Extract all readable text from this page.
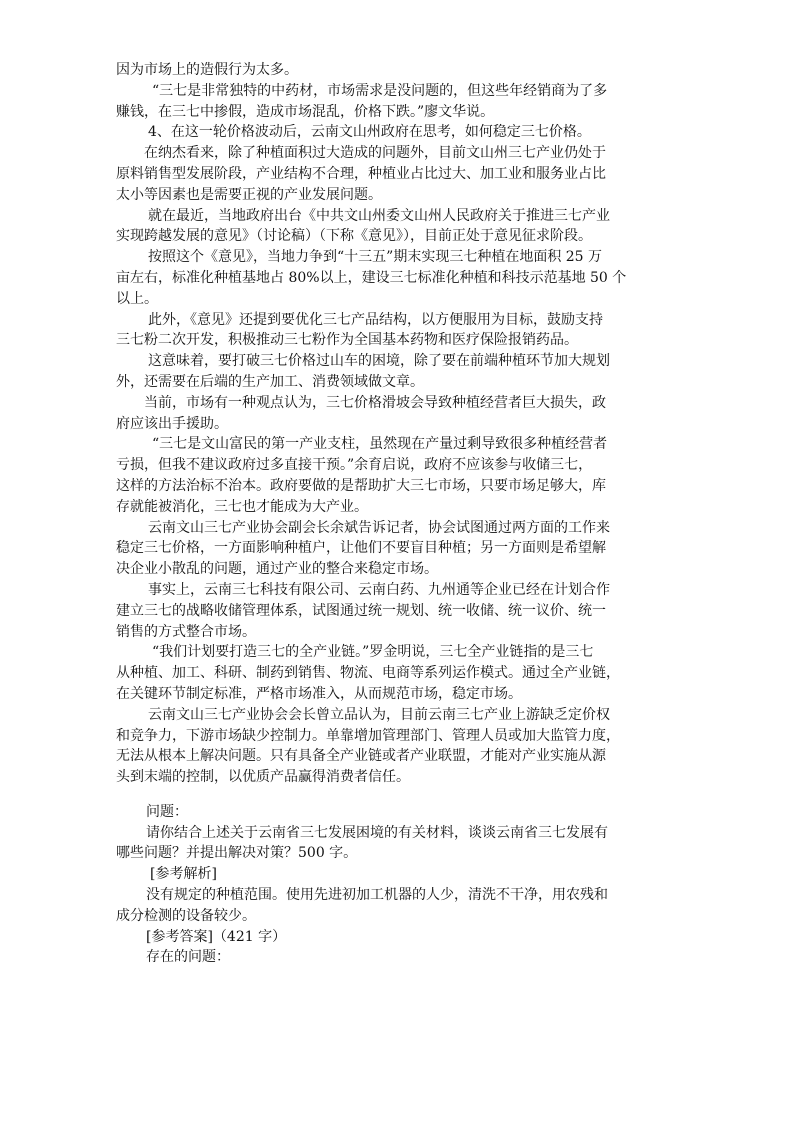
因为市场上的造假行为太多。
“三七是非常独特的中药材，市场需求是没问题的，但这些年经销商为了多
赚钱，在三七中掺假，造成市场混乱，价格下跌。”廖文华说。
4、在这一轮价格波动后，云南文山州政府在思考，如何稳定三七价格。
在纳杰看来，除了种植面积过大造成的问题外，目前文山州三七产业仍处于
原料销售型发展阶段，产业结构不合理，种植业占比过大、加工业和服务业占比
太小等因素也是需要正视的产业发展问题。
就在最近，当地政府出台《中共文山州委文山州人民政府关于推进三七产业
实现跨越发展的意见》（讨论稿）（下称《意见》），目前正处于意见征求阶段。
按照这个《意见》，当地力争到“十三五”期末实现三七种植在地面积 25 万
亩左右，标准化种植基地占 80%以上，建设三七标准化种植和科技示范基地 50 个
以上。
此外，《意见》还提到要优化三七产品结构，以方便服用为目标，鼓励支持
三七粉二次开发，积极推动三七粉作为全国基本药物和医疗保险报销药品。
这意味着，要打破三七价格过山车的困境，除了要在前端种植环节加大规划
外，还需要在后端的生产加工、消费领域做文章。
当前，市场有一种观点认为，三七价格滑坡会导致种植经营者巨大损失，政
府应该出手援助。
“三七是文山富民的第一产业支柱，虽然现在产量过剩导致很多种植经营者
亏损，但我不建议政府过多直接干预。”余育启说，政府不应该参与收储三七，
这样的方法治标不治本。政府要做的是帮助扩大三七市场，只要市场足够大，库
存就能被消化，三七也才能成为大产业。
云南文山三七产业协会副会长余斌告诉记者，协会试图通过两方面的工作来
稳定三七价格，一方面影响种植户，让他们不要盲目种植；另一方面则是希望解
决企业小散乱的问题，通过产业的整合来稳定市场。
事实上，云南三七科技有限公司、云南白药、九州通等企业已经在计划合作
建立三七的战略收储管理体系，试图通过统一规划、统一收储、统一议价、统一
销售的方式整合市场。
“我们计划要打造三七的全产业链。”罗金明说，三七全产业链指的是三七
从种植、加工、科研、制药到销售、物流、电商等系列运作模式。通过全产业链，
在关键环节制定标准，严格市场准入，从而规范市场，稳定市场。
云南文山三七产业协会会长曾立品认为，目前云南三七产业上游缺乏定价权
和竞争力，下游市场缺少控制力。单靠增加管理部门、管理人员或加大监管力度，
无法从根本上解决问题。只有具备全产业链或者产业联盟，才能对产业实施从源
头到末端的控制，以优质产品赢得消费者信任。
问题：
请你结合上述关于云南省三七发展困境的有关材料，谈谈云南省三七发展有
哪些问题？并提出解决对策？500 字。
[参考解析]
没有规定的种植范围。使用先进初加工机器的人少，清洗不干净，用农残和
成分检测的设备较少。
[参考答案]（421 字）
存在的问题：
